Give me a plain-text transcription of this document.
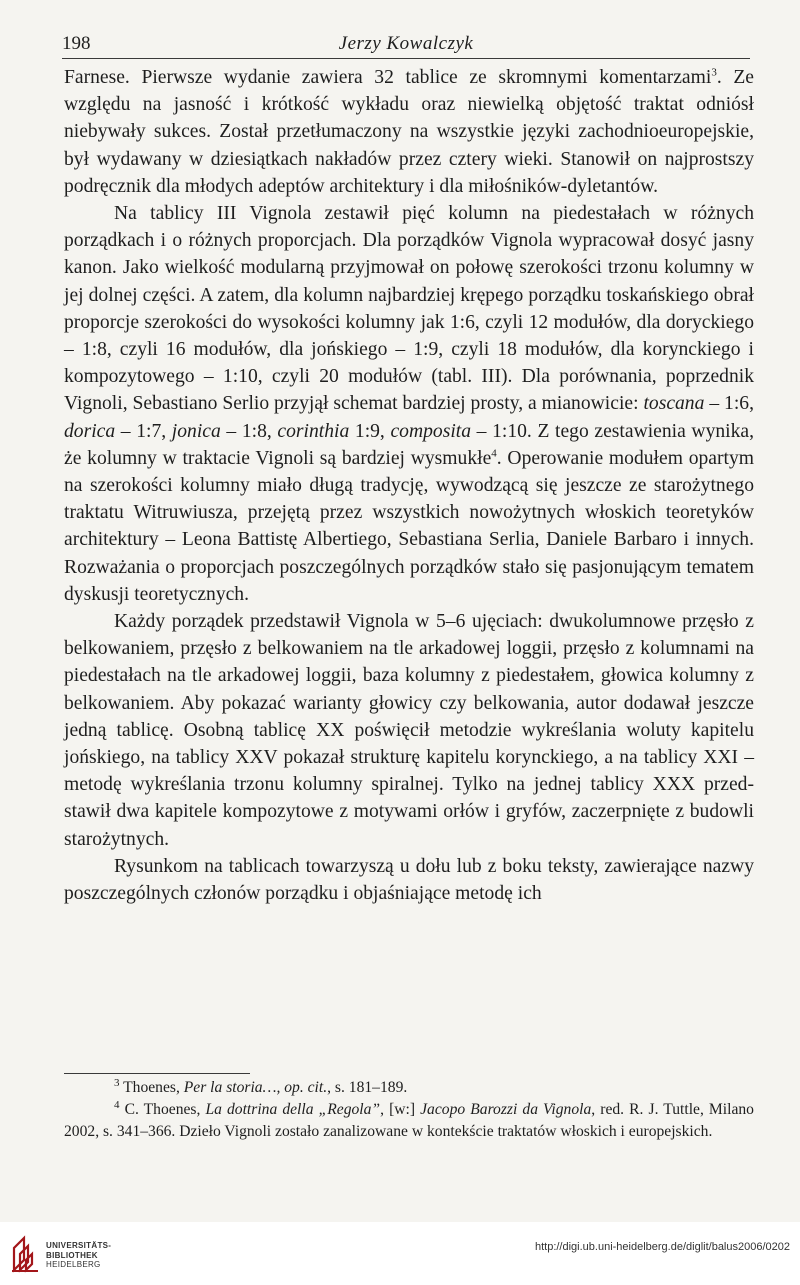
198	Jerzy Kowalczyk

Farnese. Pierwsze wydanie zawiera 32 tablice ze skromnymi komentarzami$^3$. Ze względu na jasność i krótkość wykładu oraz niewielką objętość traktat odniósł niebywały sukces. Został przetłumaczony na wszystkie języki zachodnioeuropejskie, był wydawany w dziesiątkach nakładów przez cztery wieki. Stanowił on najprostszy podręcznik dla młodych adeptów architektury i dla miłośników-dyletantów.

Na tablicy III Vignola zestawił pięć kolumn na piedestałach w różnych porządkach i o różnych proporcjach. Dla porządków Vignola wypracował dosyć jasny kanon. Jako wielkość modularną przyjmował on połowę szerokości trzonu kolumny w jej dolnej części. A zatem, dla kolumn najbardziej krępego porządku toskańskiego obrał proporcje szerokości do wysokości kolumny jak 1:6, czyli 12 modułów, dla doryckiego – 1:8, czyli 16 modułów, dla jońskiego – 1:9, czyli 18 modułów, dla korynckiego i kompozytowego – 1:10, czyli 20 modułów (tabl. III). Dla porównania, poprzednik Vignoli, Sebastiano Serlio przyjął schemat bardziej prosty, a mianowicie: toscana – 1:6, dorica – 1:7, jonica – 1:8, corinthia 1:9, composita – 1:10. Z tego zestawienia wynika, że kolumny w traktacie Vignoli są bardziej wysmukłe$^4$. Operowanie modułem opartym na szerokości kolumny miało długą tradycję, wywodzącą się jeszcze ze starożytnego traktatu Witruwiusza, przejętą przez wszystkich nowożytnych włoskich teoretyków architektury – Leona Battistę Albertiego, Sebastiana Serlia, Daniele Barbaro i innych. Rozważania o proporcjach poszczególnych porządków stało się pasjonującym tematem dyskusji teoretycznych.

Każdy porządek przedstawił Vignola w 5–6 ujęciach: dwukolumnowe przęsło z belkowaniem, przęsło z belkowaniem na tle arkadowej loggii, przęsło z kolumnami na piedestałach na tle arkadowej loggii, baza kolumny z piedestałem, głowica kolumny z belkowaniem. Aby pokazać warianty głowicy czy belkowania, autor dodawał jeszcze jedną tablicę. Osobną tablicę XX poświęcił metodzie wykreślania woluty kapitelu jońskiego, na tablicy XXV pokazał strukturę kapitelu korynckiego, a na tablicy XXI – metodę wykreślania trzonu kolumny spiralnej. Tylko na jednej tablicy XXX przedstawił dwa kapitele kompozytowe z motywami orłów i gryfów, zaczerpnięte z budowli starożytnych.

Rysunkom na tablicach towarzyszą u dołu lub z boku teksty, zawierające nazwy poszczególnych członów porządku i objaśniające metodę ich

$^3$ Thoenes, Per la storia…, op. cit., s. 181–189.

$^4$ C. Thoenes, La dottrina della „Regola”, [w:] Jacopo Barozzi da Vignola, red. R. J. Tuttle, Milano 2002, s. 341–366. Dzieło Vignoli zostało zanalizowane w kontekście traktatów włoskich i europejskich.

UNIVERSITÄTS-
BIBLIOTHEK
HEIDELBERG
http://digi.ub.uni-heidelberg.de/diglit/balus2006/0202
